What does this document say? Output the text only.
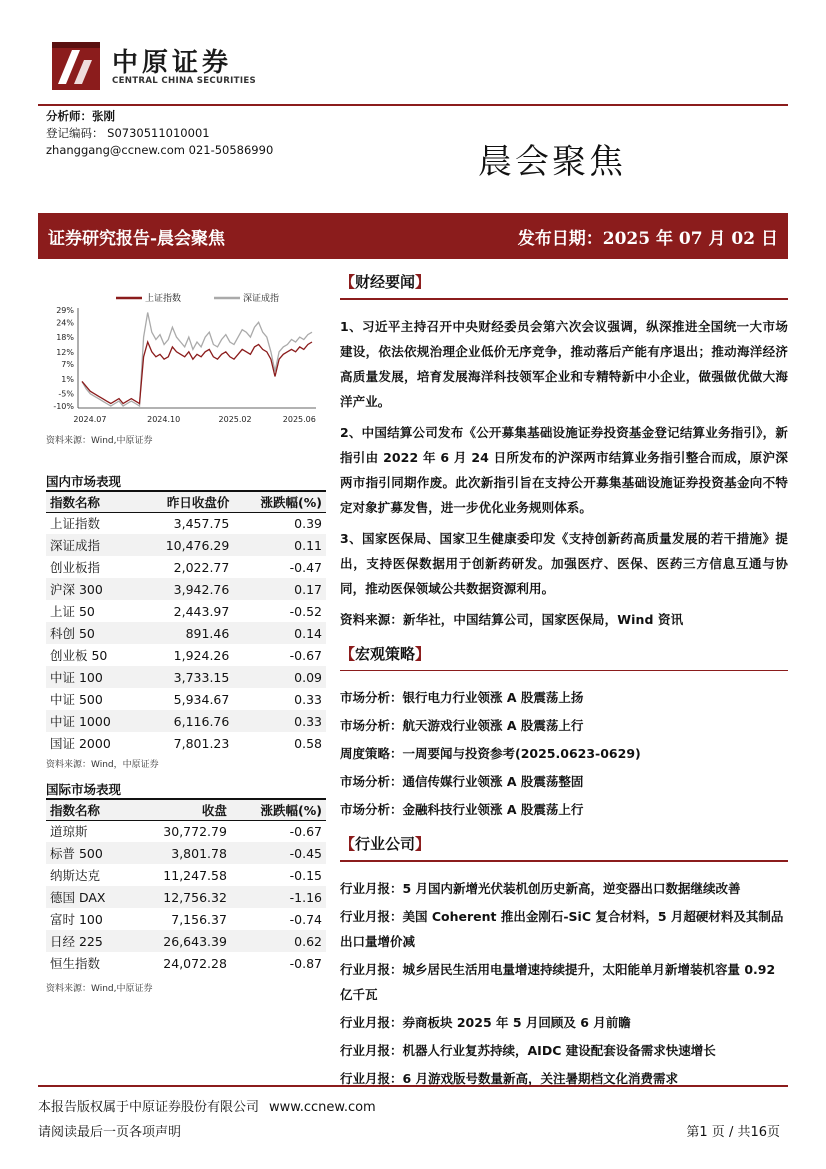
中原证券
CENTRAL CHINA SECURITIES
分析师：张刚
登记编码： S0730511010001
zhanggang@ccnew.com 021-50586990	晨会聚焦
证券研究报告-晨会聚焦	发布日期：2025 年 07 月 02 日
上证指数	深证成指
29%
24%
18%
12%
7%
1%
-5%
-10%
2024.07	2024.10	2025.02	2025.06
资料来源：Wind,中原证券
国内市场表现
指数名称	昨日收盘价	涨跌幅(%)
上证指数	3,457.75	0.39
深证成指	10,476.29	0.11
创业板指	2,022.77	-0.47
沪深 300	3,942.76	0.17
上证 50	2,443.97	-0.52
科创 50	891.46	0.14
创业板 50	1,924.26	-0.67
中证 100	3,733.15	0.09
中证 500	5,934.67	0.33
中证 1000	6,116.76	0.33
国证 2000	7,801.23	0.58
资料来源：Wind，中原证券
国际市场表现
指数名称	收盘	涨跌幅(%)
道琼斯	30,772.79	-0.67
标普 500	3,801.78	-0.45
纳斯达克	11,247.58	-0.15
德国 DAX	12,756.32	-1.16
富时 100	7,156.37	-0.74
日经 225	26,643.39	0.62
恒生指数	24,072.28	-0.87
资料来源：Wind,中原证券
【财经要闻】
1、习近平主持召开中央财经委员会第六次会议强调，纵深推进全国统一大市场建设，依法依规治理企业低价无序竞争，推动落后产能有序退出；推动海洋经济高质量发展，培育发展海洋科技领军企业和专精特新中小企业，做强做优做大海洋产业。
2、中国结算公司发布《公开募集基础设施证券投资基金登记结算业务指引》，新指引由 2022 年 6 月 24 日所发布的沪深两市结算业务指引整合而成，原沪深两市指引同期作废。此次新指引旨在支持公开募集基础设施证券投资基金向不特定对象扩募发售，进一步优化业务规则体系。
3、国家医保局、国家卫生健康委印发《支持创新药高质量发展的若干措施》提出，支持医保数据用于创新药研发。加强医疗、医保、医药三方信息互通与协同，推动医保领域公共数据资源利用。
资料来源：新华社，中国结算公司，国家医保局，Wind 资讯
【宏观策略】
市场分析：银行电力行业领涨 A 股震荡上扬
市场分析：航天游戏行业领涨 A 股震荡上行
周度策略：一周要闻与投资参考(2025.0623-0629)
市场分析：通信传媒行业领涨 A 股震荡整固
市场分析：金融科技行业领涨 A 股震荡上行
【行业公司】
行业月报：5 月国内新增光伏装机创历史新高，逆变器出口数据继续改善
行业月报：美国 Coherent 推出金刚石-SiC 复合材料，5 月超硬材料及其制品出口量增价减
行业月报：城乡居民生活用电量增速持续提升，太阳能单月新增装机容量 0.92 亿千瓦
行业月报：券商板块 2025 年 5 月回顾及 6 月前瞻
行业月报：机器人行业复苏持续，AIDC 建设配套设备需求快速增长
行业月报：6 月游戏版号数量新高，关注暑期档文化消费需求
本报告版权属于中原证券股份有限公司 www.ccnew.com
请阅读最后一页各项声明	第1 页 / 共16页
